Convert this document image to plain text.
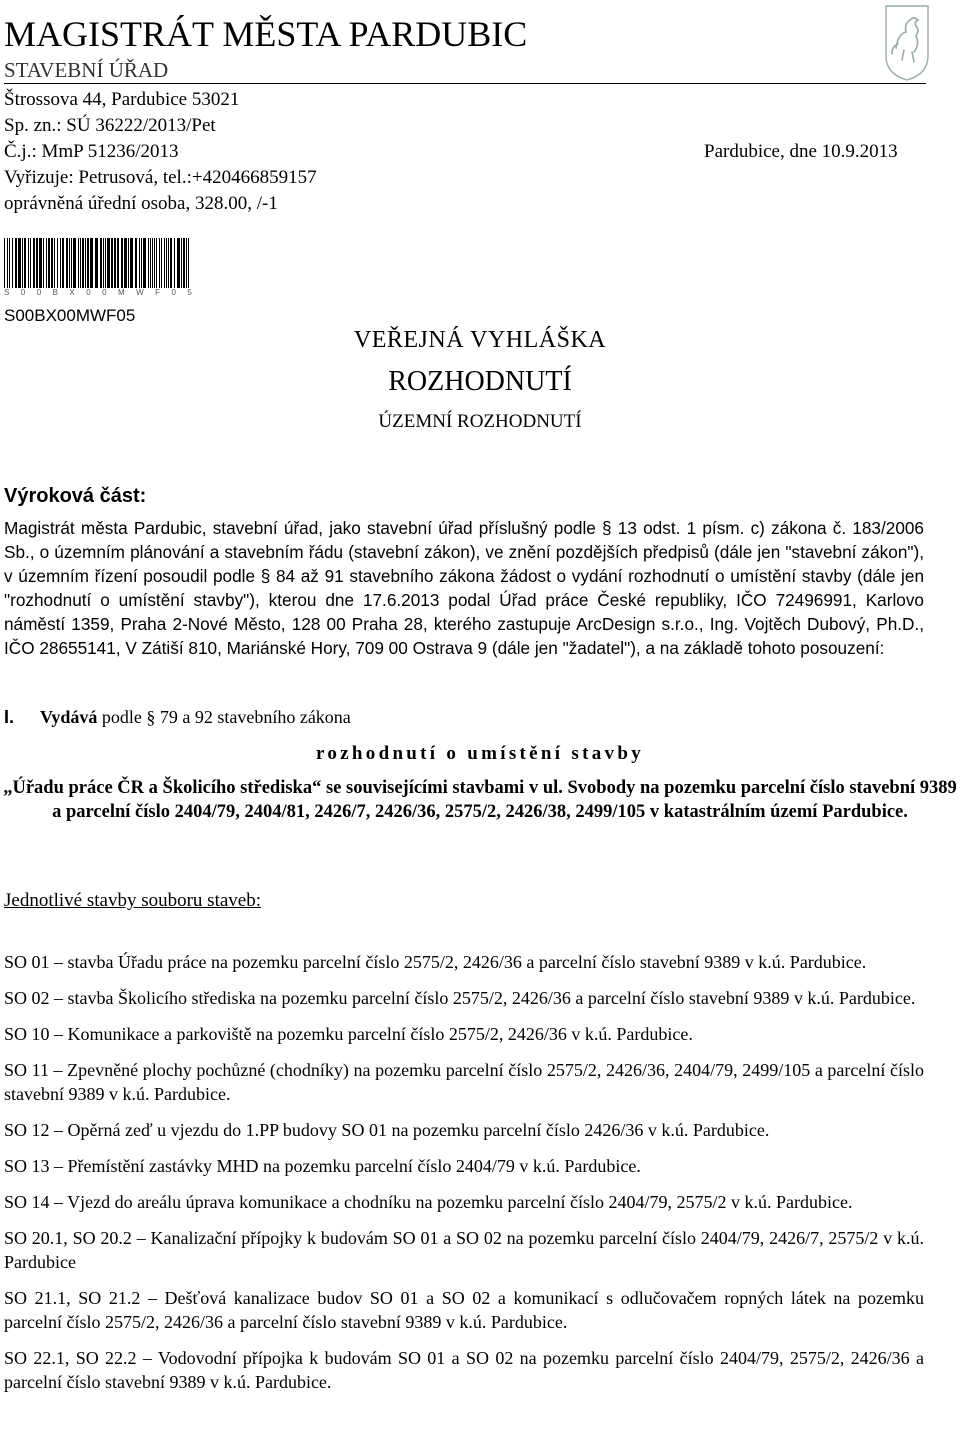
MAGISTRÁT MĚSTA PARDUBIC
STAVEBNÍ ÚŘAD
Štrossova 44, Pardubice 53021
Sp. zn.: SÚ 36222/2013/Pet
Č.j.: MmP 51236/2013	Pardubice, dne 10.9.2013
Vyřizuje: Petrusová, tel.:+420466859157
oprávněná úřední osoba, 328.00, /-1
S 0 0 B X 0 0 M W F 0 5
S00BX00MWF05
VEŘEJNÁ VYHLÁŠKA
ROZHODNUTÍ
ÚZEMNÍ ROZHODNUTÍ
Výroková část:
Magistrát města Pardubic, stavební úřad, jako stavební úřad příslušný podle § 13 odst. 1 písm. c) zákona č. 183/2006 Sb., o územním plánování a stavebním řádu (stavební zákon), ve znění pozdějších předpisů (dále jen "stavební zákon"), v územním řízení posoudil podle § 84 až 91 stavebního zákona žádost o vydání rozhodnutí o umístění stavby (dále jen "rozhodnutí o umístění stavby"), kterou dne 17.6.2013 podal Úřad práce České republiky, IČO 72496991, Karlovo náměstí 1359, Praha 2-Nové Město, 128 00 Praha 28, kterého zastupuje ArcDesign s.r.o., Ing. Vojtěch Dubový, Ph.D., IČO 28655141, V Zátiší 810, Mariánské Hory, 709 00 Ostrava 9 (dále jen "žadatel"), a na základě tohoto posouzení:
I. Vydává podle § 79 a 92 stavebního zákona
rozhodnutí o umístění stavby
„Úřadu práce ČR a Školicího střediska“ se souvisejícími stavbami v ul. Svobody na pozemku parcelní číslo stavební 9389 a parcelní číslo 2404/79, 2404/81, 2426/7, 2426/36, 2575/2, 2426/38, 2499/105 v katastrálním území Pardubice.
Jednotlivé stavby souboru staveb:
SO 01 – stavba Úřadu práce na pozemku parcelní číslo 2575/2, 2426/36 a parcelní číslo stavební 9389 v k.ú. Pardubice.
SO 02 – stavba Školicího střediska na pozemku parcelní číslo 2575/2, 2426/36 a parcelní číslo stavební 9389 v k.ú. Pardubice.
SO 10 – Komunikace a parkoviště na pozemku parcelní číslo 2575/2, 2426/36 v k.ú. Pardubice.
SO 11 – Zpevněné plochy pochůzné (chodníky) na pozemku parcelní číslo 2575/2, 2426/36, 2404/79, 2499/105 a parcelní číslo stavební 9389 v k.ú. Pardubice.
SO 12 – Opěrná zeď u vjezdu do 1.PP budovy SO 01 na pozemku parcelní číslo 2426/36 v k.ú. Pardubice.
SO 13 – Přemístění zastávky MHD na pozemku parcelní číslo 2404/79 v k.ú. Pardubice.
SO 14 – Vjezd do areálu úprava komunikace a chodníku na pozemku parcelní číslo 2404/79, 2575/2 v k.ú. Pardubice.
SO 20.1, SO 20.2 – Kanalizační přípojky k budovám SO 01 a SO 02 na pozemku parcelní číslo 2404/79, 2426/7, 2575/2 v k.ú. Pardubice
SO 21.1, SO 21.2 – Dešťová kanalizace budov SO 01 a SO 02 a komunikací s odlučovačem ropných látek na pozemku parcelní číslo 2575/2, 2426/36 a parcelní číslo stavební 9389 v k.ú. Pardubice.
SO 22.1, SO 22.2 – Vodovodní přípojka k budovám SO 01 a SO 02 na pozemku parcelní číslo 2404/79, 2575/2, 2426/36 a parcelní číslo stavební 9389 v k.ú. Pardubice.
